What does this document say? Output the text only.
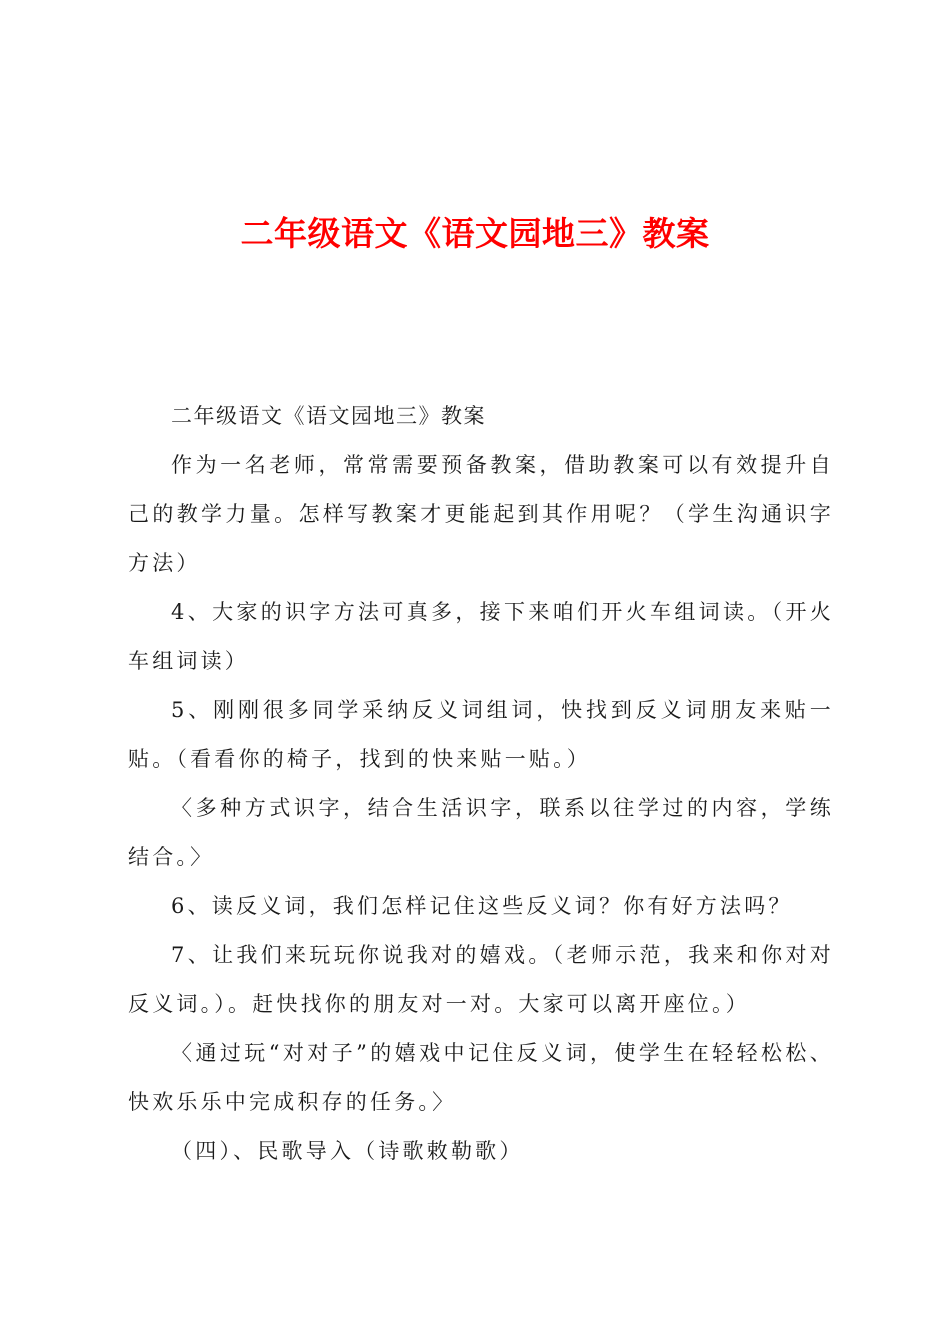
二年级语文《语文园地三》教案

二年级语文《语文园地三》教案

作为一名老师，常常需要预备教案，借助教案可以有效提升自己的教学力量。怎样写教案才更能起到其作用呢？（学生沟通识字方法）

4、大家的识字方法可真多，接下来咱们开火车组词读。（开火车组词读）

5、刚刚很多同学采纳反义词组词，快找到反义词朋友来贴一贴。（看看你的椅子，找到的快来贴一贴。）

〈多种方式识字，结合生活识字，联系以往学过的内容，学练结合。〉

6、读反义词，我们怎样记住这些反义词？你有好方法吗？

7、让我们来玩玩你说我对的嬉戏。（老师示范，我来和你对对反义词。）。赶快找你的朋友对一对。大家可以离开座位。）

〈通过玩“对对子”的嬉戏中记住反义词，使学生在轻轻松松、快欢乐乐中完成积存的任务。〉

（四）、民歌导入（诗歌敕勒歌）
